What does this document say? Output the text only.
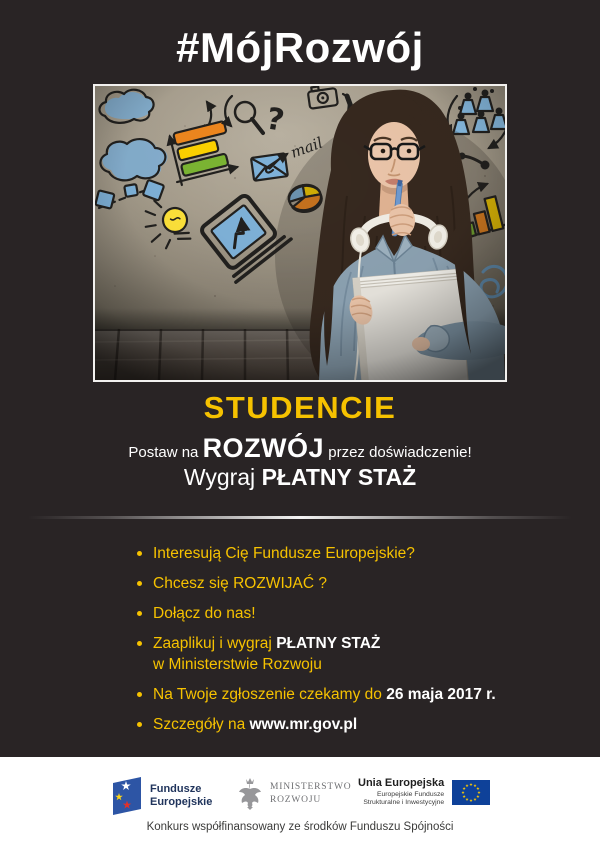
#MójRozwój
STUDENCIE
Postaw na ROZWÓJ przez doświadczenie!
Wygraj PŁATNY STAŻ
Interesują Cię Fundusze Europejskie?
Chcesz się ROZWIJAĆ ?
Dołącz do nas!
Zaaplikuj i wygraj PŁATNY STAŻ
w Ministerstwie Rozwoju
Na Twoje zgłoszenie czekamy do 26 maja 2017 r.
Szczegóły na www.mr.gov.pl
Fundusze
Europejskie
MINISTERSTWO
ROZWOJU
Unia Europejska
Europejskie Fundusze
Strukturalne i Inwestycyjne
Konkurs współfinansowany ze środków Funduszu Spójności
